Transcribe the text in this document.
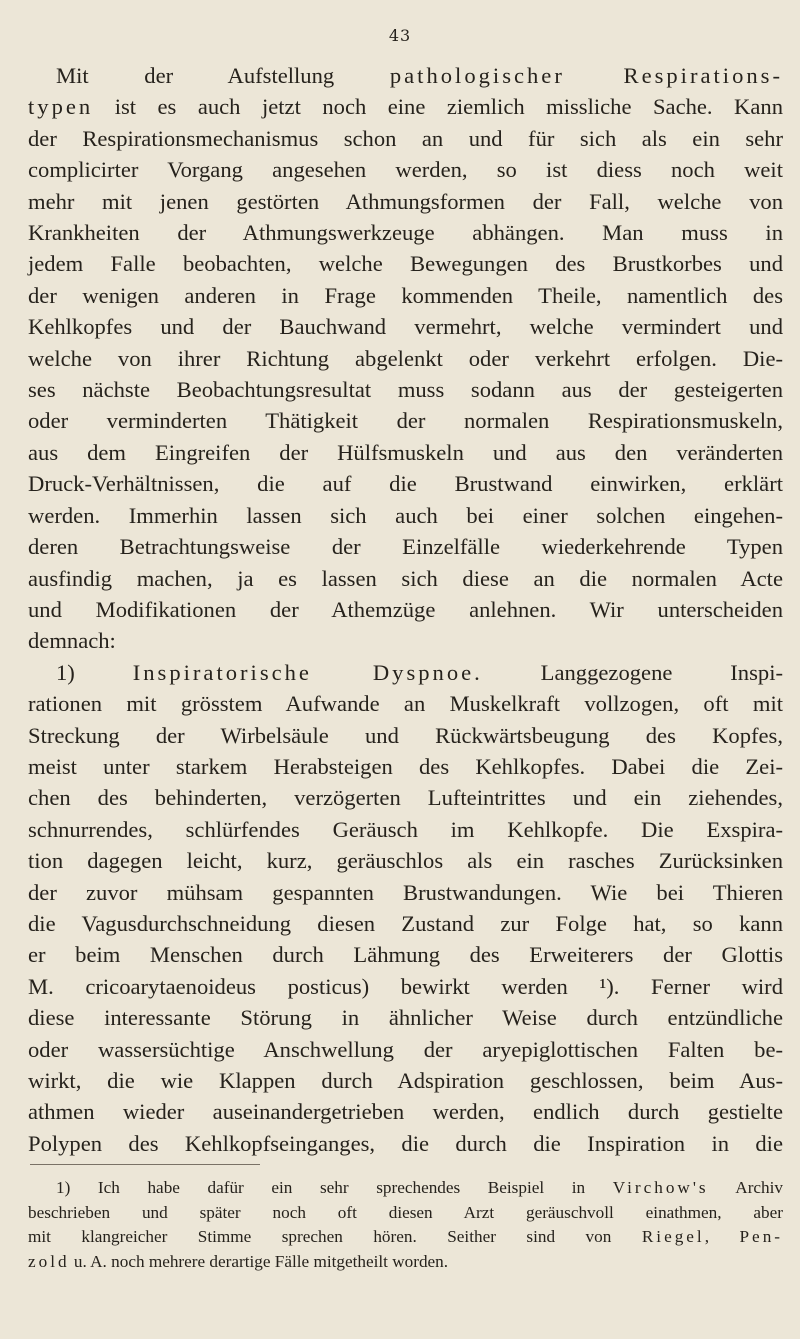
43

Mit der Aufstellung pathologischer Respirations-

typen ist es auch jetzt noch eine ziemlich missliche Sache. Kann

der Respirationsmechanismus schon an und für sich als ein sehr

complicirter Vorgang angesehen werden, so ist diess noch weit

mehr mit jenen gestörten Athmungsformen der Fall, welche von

Krankheiten der Athmungswerkzeuge abhängen. Man muss in

jedem Falle beobachten, welche Bewegungen des Brustkorbes und

der wenigen anderen in Frage kommenden Theile, namentlich des

Kehlkopfes und der Bauchwand vermehrt, welche vermindert und

welche von ihrer Richtung abgelenkt oder verkehrt erfolgen. Die-

ses nächste Beobachtungsresultat muss sodann aus der gesteigerten

oder verminderten Thätigkeit der normalen Respirationsmuskeln,

aus dem Eingreifen der Hülfsmuskeln und aus den veränderten

Druck-Verhältnissen, die auf die Brustwand einwirken, erklärt

werden. Immerhin lassen sich auch bei einer solchen eingehen-

deren Betrachtungsweise der Einzelfälle wiederkehrende Typen

ausfindig machen, ja es lassen sich diese an die normalen Acte

und Modifikationen der Athemzüge anlehnen. Wir unterscheiden

demnach:

1)	Inspiratorische Dyspnoe. Langgezogene Inspi-

rationen mit grösstem Aufwande an Muskelkraft vollzogen, oft mit

Streckung der Wirbelsäule und Rückwärtsbeugung des Kopfes,

meist unter starkem Herabsteigen des Kehlkopfes. Dabei die Zei-

chen des behinderten, verzögerten Lufteintrittes und ein ziehendes,

schnurrendes, schlürfendes Geräusch im Kehlkopfe. Die Exspira-

tion dagegen leicht, kurz, geräuschlos als ein rasches Zurücksinken

der zuvor mühsam gespannten Brustwandungen. Wie bei Thieren

die Vagusdurchschneidung diesen Zustand zur Folge hat, so kann

er beim Menschen durch Lähmung des Erweiterers der Glottis

M. cricoarytaenoideus posticus) bewirkt werden ¹). Ferner wird

diese interessante Störung in ähnlicher Weise durch entzündliche

oder wassersüchtige Anschwellung der aryepiglottischen Falten be-

wirkt, die wie Klappen durch Adspiration geschlossen, beim Aus-

athmen wieder auseinandergetrieben werden, endlich durch gestielte

Polypen des Kehlkopfseinganges, die durch die Inspiration in die

1) Ich habe dafür ein sehr sprechendes Beispiel in Virchow's Archiv

beschrieben und später noch oft diesen Arzt geräuschvoll einathmen, aber

mit klangreicher Stimme sprechen hören. Seither sind von Riegel, Pen-

zold u. A. noch mehrere derartige Fälle mitgetheilt worden.
